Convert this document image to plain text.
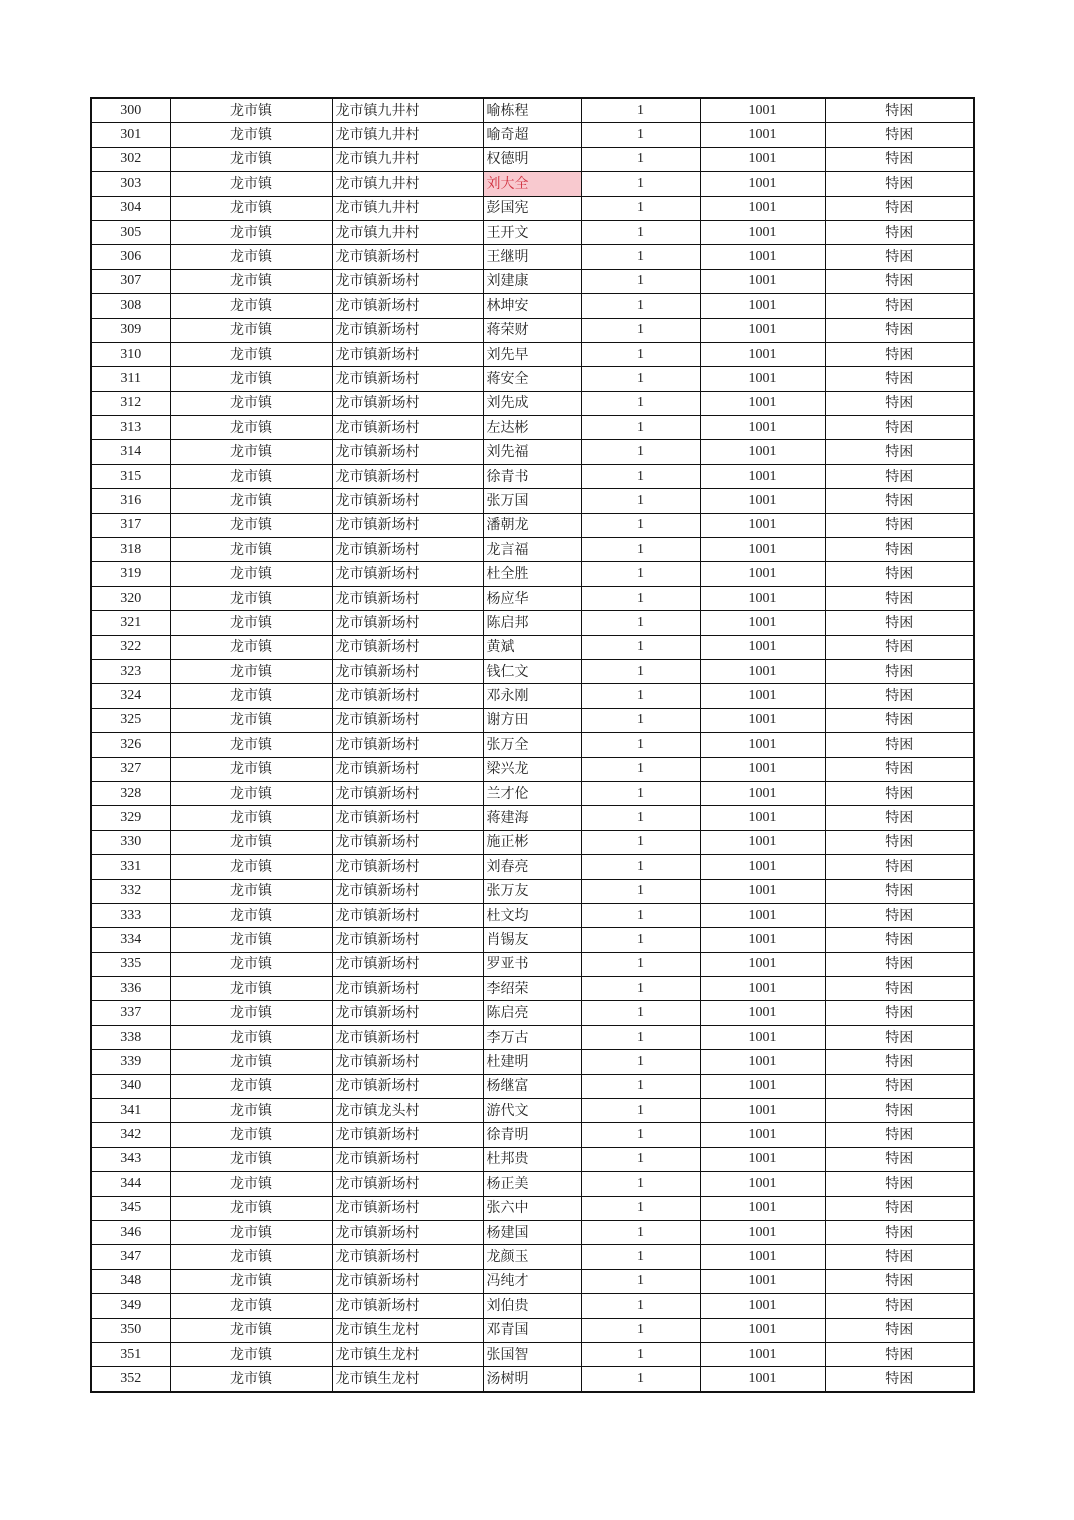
300	龙市镇	龙市镇九井村	喻栋程	1	1001	特困
301	龙市镇	龙市镇九井村	喻奇超	1	1001	特困
302	龙市镇	龙市镇九井村	权德明	1	1001	特困
303	龙市镇	龙市镇九井村	刘大全	1	1001	特困
304	龙市镇	龙市镇九井村	彭国宪	1	1001	特困
305	龙市镇	龙市镇九井村	王开文	1	1001	特困
306	龙市镇	龙市镇新场村	王继明	1	1001	特困
307	龙市镇	龙市镇新场村	刘建康	1	1001	特困
308	龙市镇	龙市镇新场村	林坤安	1	1001	特困
309	龙市镇	龙市镇新场村	蒋荣财	1	1001	特困
310	龙市镇	龙市镇新场村	刘先早	1	1001	特困
311	龙市镇	龙市镇新场村	蒋安全	1	1001	特困
312	龙市镇	龙市镇新场村	刘先成	1	1001	特困
313	龙市镇	龙市镇新场村	左达彬	1	1001	特困
314	龙市镇	龙市镇新场村	刘先福	1	1001	特困
315	龙市镇	龙市镇新场村	徐青书	1	1001	特困
316	龙市镇	龙市镇新场村	张万国	1	1001	特困
317	龙市镇	龙市镇新场村	潘朝龙	1	1001	特困
318	龙市镇	龙市镇新场村	龙言福	1	1001	特困
319	龙市镇	龙市镇新场村	杜全胜	1	1001	特困
320	龙市镇	龙市镇新场村	杨应华	1	1001	特困
321	龙市镇	龙市镇新场村	陈启邦	1	1001	特困
322	龙市镇	龙市镇新场村	黄斌	1	1001	特困
323	龙市镇	龙市镇新场村	钱仁文	1	1001	特困
324	龙市镇	龙市镇新场村	邓永刚	1	1001	特困
325	龙市镇	龙市镇新场村	谢方田	1	1001	特困
326	龙市镇	龙市镇新场村	张万全	1	1001	特困
327	龙市镇	龙市镇新场村	梁兴龙	1	1001	特困
328	龙市镇	龙市镇新场村	兰才伦	1	1001	特困
329	龙市镇	龙市镇新场村	蒋建海	1	1001	特困
330	龙市镇	龙市镇新场村	施正彬	1	1001	特困
331	龙市镇	龙市镇新场村	刘春亮	1	1001	特困
332	龙市镇	龙市镇新场村	张万友	1	1001	特困
333	龙市镇	龙市镇新场村	杜文均	1	1001	特困
334	龙市镇	龙市镇新场村	肖锡友	1	1001	特困
335	龙市镇	龙市镇新场村	罗亚书	1	1001	特困
336	龙市镇	龙市镇新场村	李绍荣	1	1001	特困
337	龙市镇	龙市镇新场村	陈启亮	1	1001	特困
338	龙市镇	龙市镇新场村	李万古	1	1001	特困
339	龙市镇	龙市镇新场村	杜建明	1	1001	特困
340	龙市镇	龙市镇新场村	杨继富	1	1001	特困
341	龙市镇	龙市镇龙头村	游代文	1	1001	特困
342	龙市镇	龙市镇新场村	徐青明	1	1001	特困
343	龙市镇	龙市镇新场村	杜邦贵	1	1001	特困
344	龙市镇	龙市镇新场村	杨正美	1	1001	特困
345	龙市镇	龙市镇新场村	张六中	1	1001	特困
346	龙市镇	龙市镇新场村	杨建国	1	1001	特困
347	龙市镇	龙市镇新场村	龙颜玉	1	1001	特困
348	龙市镇	龙市镇新场村	冯纯才	1	1001	特困
349	龙市镇	龙市镇新场村	刘伯贵	1	1001	特困
350	龙市镇	龙市镇生龙村	邓青国	1	1001	特困
351	龙市镇	龙市镇生龙村	张国智	1	1001	特困
352	龙市镇	龙市镇生龙村	汤树明	1	1001	特困
